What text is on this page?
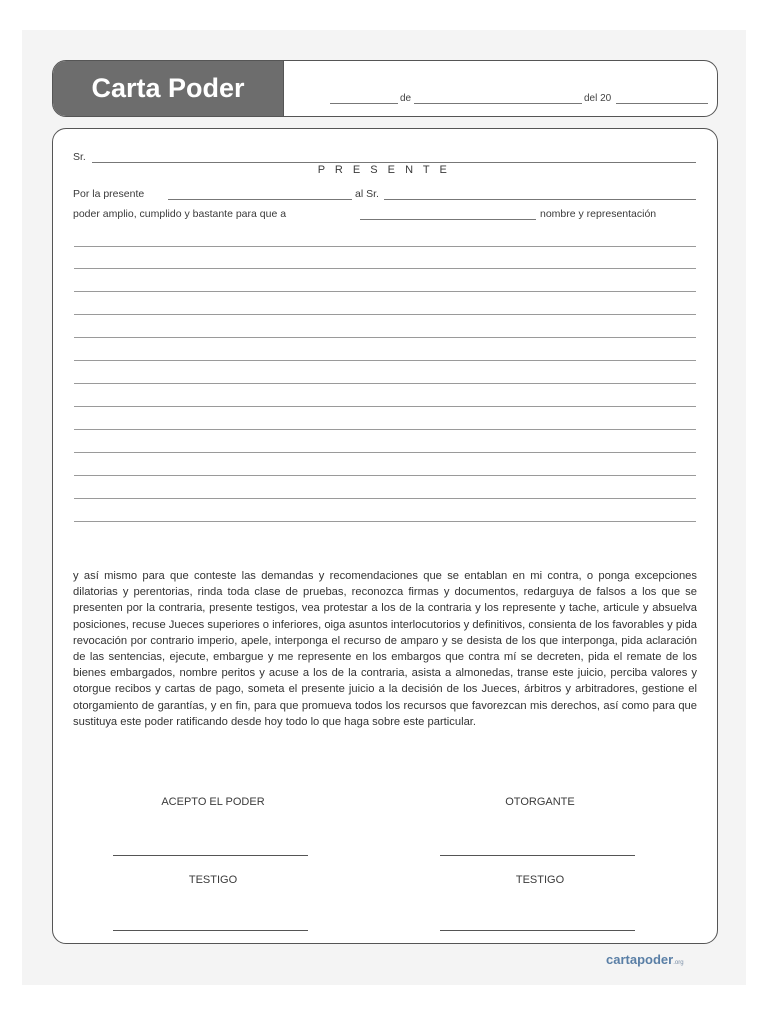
Carta Poder	de	del 20
Sr.
P R E S E N T E
Por la presente	al Sr.
poder amplio, cumplido y bastante para que a	nombre y representación

y así mismo para que conteste las demandas y recomendaciones que se entablan en mi contra, o ponga excepciones dilatorias y perentorias, rinda toda clase de pruebas, reconozca firmas y documentos, redarguya de falsos a los que se presenten por la contraria, presente testigos, vea protestar a los de la contraria y los represente y tache, articule y absuelva posiciones, recuse Jueces superiores o inferiores, oiga asuntos interlocutorios y definitivos, consienta de los favorables y pida revocación por contrario imperio, apele, interponga el recurso de amparo y se desista de los que interponga, pida aclaración de las sentencias, ejecute, embargue y me represente en los embargos que contra mí se decreten, pida el remate de los bienes embargados, nombre peritos y acuse a los de la contraria, asista a almonedas, transe este juicio, perciba valores y otorgue recibos y cartas de pago, someta el presente juicio a la decisión de los Jueces, árbitros y arbitradores, gestione el otorgamiento de garantías, y en fin, para que promueva todos los recursos que favorezcan mis derechos, así como para que sustituya este poder ratificando desde hoy todo lo que haga sobre este particular.

ACEPTO EL PODER	OTORGANTE
TESTIGO	TESTIGO
cartapoder.org
